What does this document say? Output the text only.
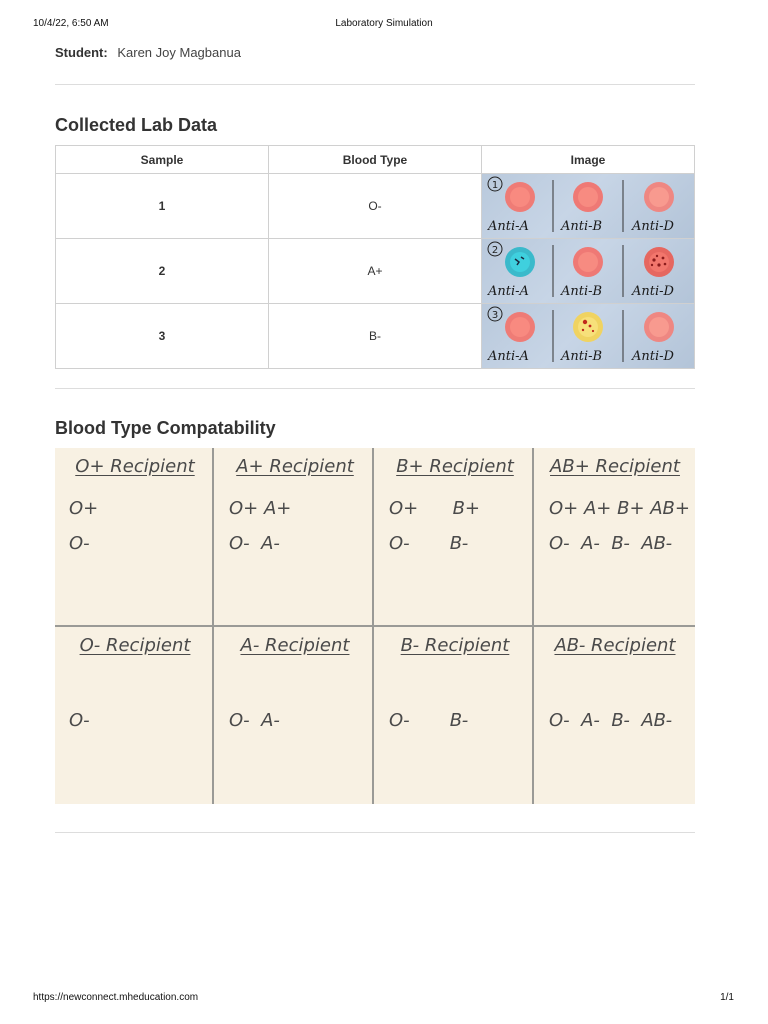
10/4/22, 6:50 AM	Laboratory Simulation
Student: Karen Joy Magbanua
Collected Lab Data
Sample	Blood Type	Image
1	O-	1
Anti-A Anti-B Anti-D

2	A+	2
Anti-A Anti-B Anti-D

3	B-	3
Anti-A Anti-B Anti-D
Blood Type Compatability
O+ Recipient
O+
O-
A+ Recipient
O+ A+
O-  A-
B+ Recipient
O+      B+
O-       B-
AB+ Recipient
O+ A+ B+ AB+
O-  A-  B-  AB-
O- Recipient
O-
A- Recipient
O-  A-
B- Recipient
O-       B-
AB- Recipient
O-  A-  B-  AB-
https://newconnect.mheducation.com	1/1
